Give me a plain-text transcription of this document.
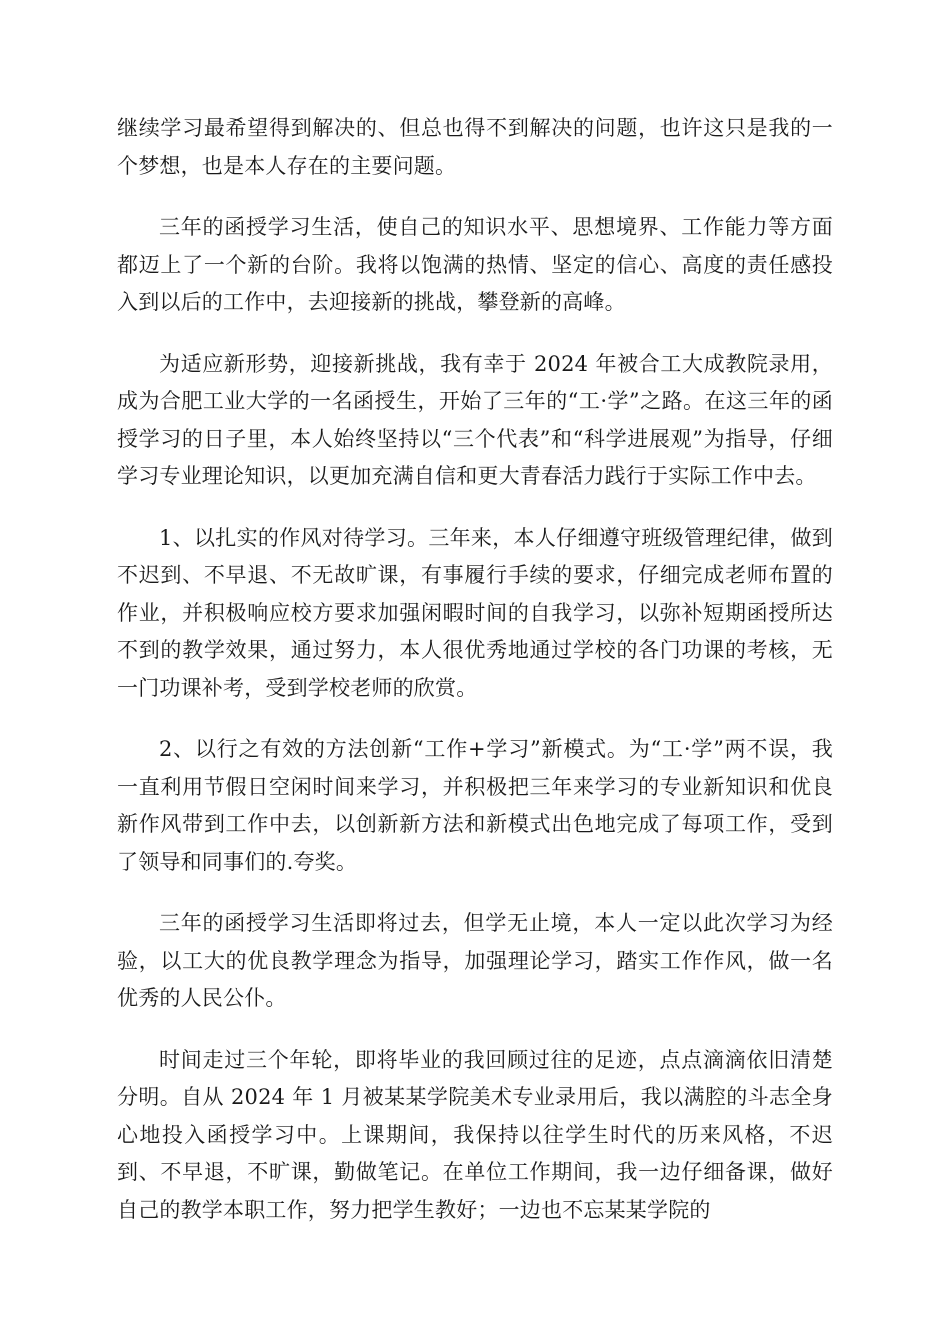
继续学习最希望得到解决的、但总也得不到解决的问题，也许这只是我的一个梦想，也是本人存在的主要问题。

三年的函授学习生活，使自己的知识水平、思想境界、工作能力等方面都迈上了一个新的台阶。我将以饱满的热情、坚定的信心、高度的责任感投入到以后的工作中，去迎接新的挑战，攀登新的高峰。

为适应新形势，迎接新挑战，我有幸于 2024 年被合工大成教院录用，成为合肥工业大学的一名函授生，开始了三年的“工·学”之路。在这三年的函授学习的日子里，本人始终坚持以“三个代表”和“科学进展观”为指导，仔细学习专业理论知识，以更加充满自信和更大青春活力践行于实际工作中去。

1、以扎实的作风对待学习。三年来，本人仔细遵守班级管理纪律，做到不迟到、不早退、不无故旷课，有事履行手续的要求，仔细完成老师布置的作业，并积极响应校方要求加强闲暇时间的自我学习，以弥补短期函授所达不到的教学效果，通过努力，本人很优秀地通过学校的各门功课的考核，无一门功课补考，受到学校老师的欣赏。

2、以行之有效的方法创新“工作+学习”新模式。为“工·学”两不误，我一直利用节假日空闲时间来学习，并积极把三年来学习的专业新知识和优良新作风带到工作中去，以创新新方法和新模式出色地完成了每项工作，受到了领导和同事们的.夸奖。

三年的函授学习生活即将过去，但学无止境，本人一定以此次学习为经验，以工大的优良教学理念为指导，加强理论学习，踏实工作作风，做一名优秀的人民公仆。

时间走过三个年轮，即将毕业的我回顾过往的足迹，点点滴滴依旧清楚分明。自从 2024 年 1 月被某某学院美术专业录用后，我以满腔的斗志全身心地投入函授学习中。上课期间，我保持以往学生时代的历来风格，不迟到、不早退，不旷课，勤做笔记。在单位工作期间，我一边仔细备课，做好自己的教学本职工作，努力把学生教好；一边也不忘某某学院的
